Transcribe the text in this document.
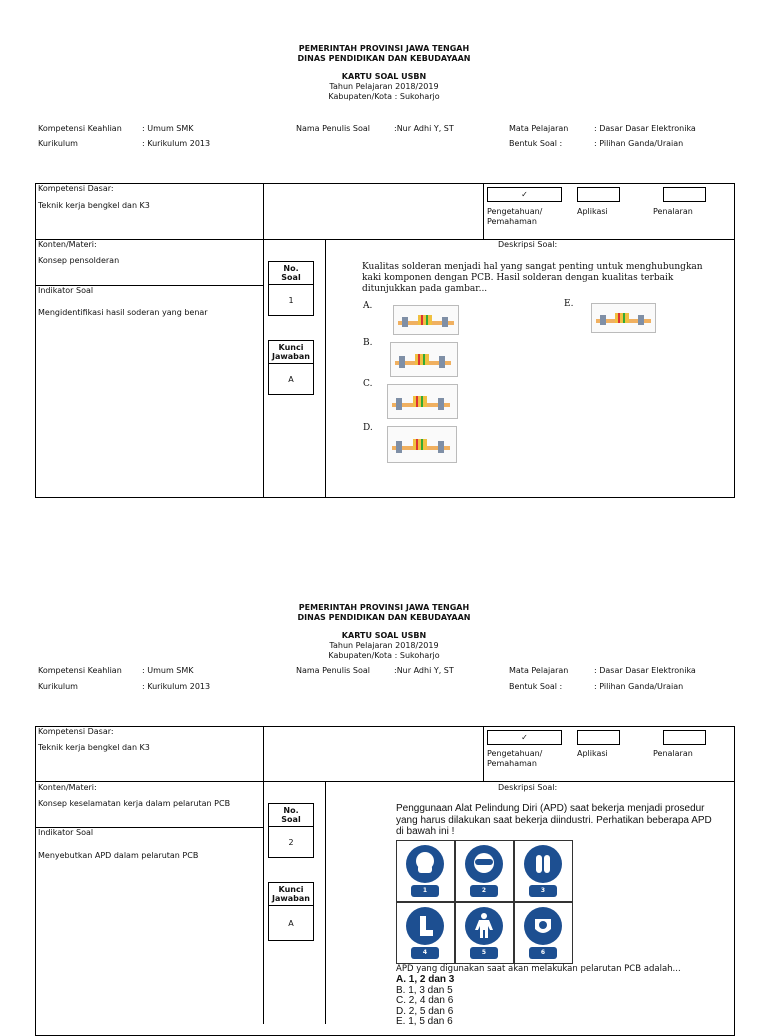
PEMERINTAH PROVINSI JAWA TENGAH
DINAS PENDIDIKAN DAN KEBUDAYAAN
KARTU SOAL USBN
Tahun Pelajaran 2018/2019
Kabupaten/Kota : Sukoharjo
Kompetensi Keahlian	: Umum SMK
Kurikulum	: Kurikulum 2013
Nama Penulis Soal	:Nur Adhi Y, ST	Mata Pelajaran	: Dasar Dasar Elektronika
Bentuk Soal :	: Pilihan Ganda/Uraian
Kompetensi Dasar:
Teknik kerja bengkel dan K3
Konten/Materi:
Konsep pensolderan
Indikator Soal
Mengidentifikasi hasil soderan yang benar
✓
Pengetahuan/ Pemahaman
Aplikasi	Penalaran
No. Soal
1
Kunci Jawaban
A
Deskripsi Soal:
Kualitas solderan menjadi hal yang sangat penting untuk menghubungkan kaki komponen dengan PCB. Hasil solderan dengan kualitas terbaik ditunjukkan pada gambar...
A.
B.
C.
D.
E.
PEMERINTAH PROVINSI JAWA TENGAH
DINAS PENDIDIKAN DAN KEBUDAYAAN
KARTU SOAL USBN
Tahun Pelajaran 2018/2019
Kabupaten/Kota : Sukoharjo
Kompetensi Keahlian	: Umum SMK
Kurikulum	: Kurikulum 2013
Nama Penulis Soal	:Nur Adhi Y, ST	Mata Pelajaran	: Dasar Dasar Elektronika
Bentuk Soal :	: Pilihan Ganda/Uraian
Kompetensi Dasar:
Teknik kerja bengkel dan K3
Konten/Materi:
Konsep keselamatan kerja dalam pelarutan PCB
Indikator Soal
Menyebutkan APD dalam pelarutan PCB
✓
Pengetahuan/ Pemahaman
Aplikasi	Penalaran
No. Soal
2
Kunci Jawaban
A
Deskripsi Soal:
Penggunaan Alat Pelindung Diri (APD) saat bekerja menjadi prosedur yang harus dilakukan saat bekerja diindustri. Perhatikan beberapa APD di bawah ini !
1	2	3
4	5	6
APD yang digunakan saat akan melakukan pelarutan PCB adalah...
A. 1, 2 dan 3
B. 1, 3 dan 5
C. 2, 4 dan 6
D. 2, 5 dan 6
E. 1, 5 dan 6
